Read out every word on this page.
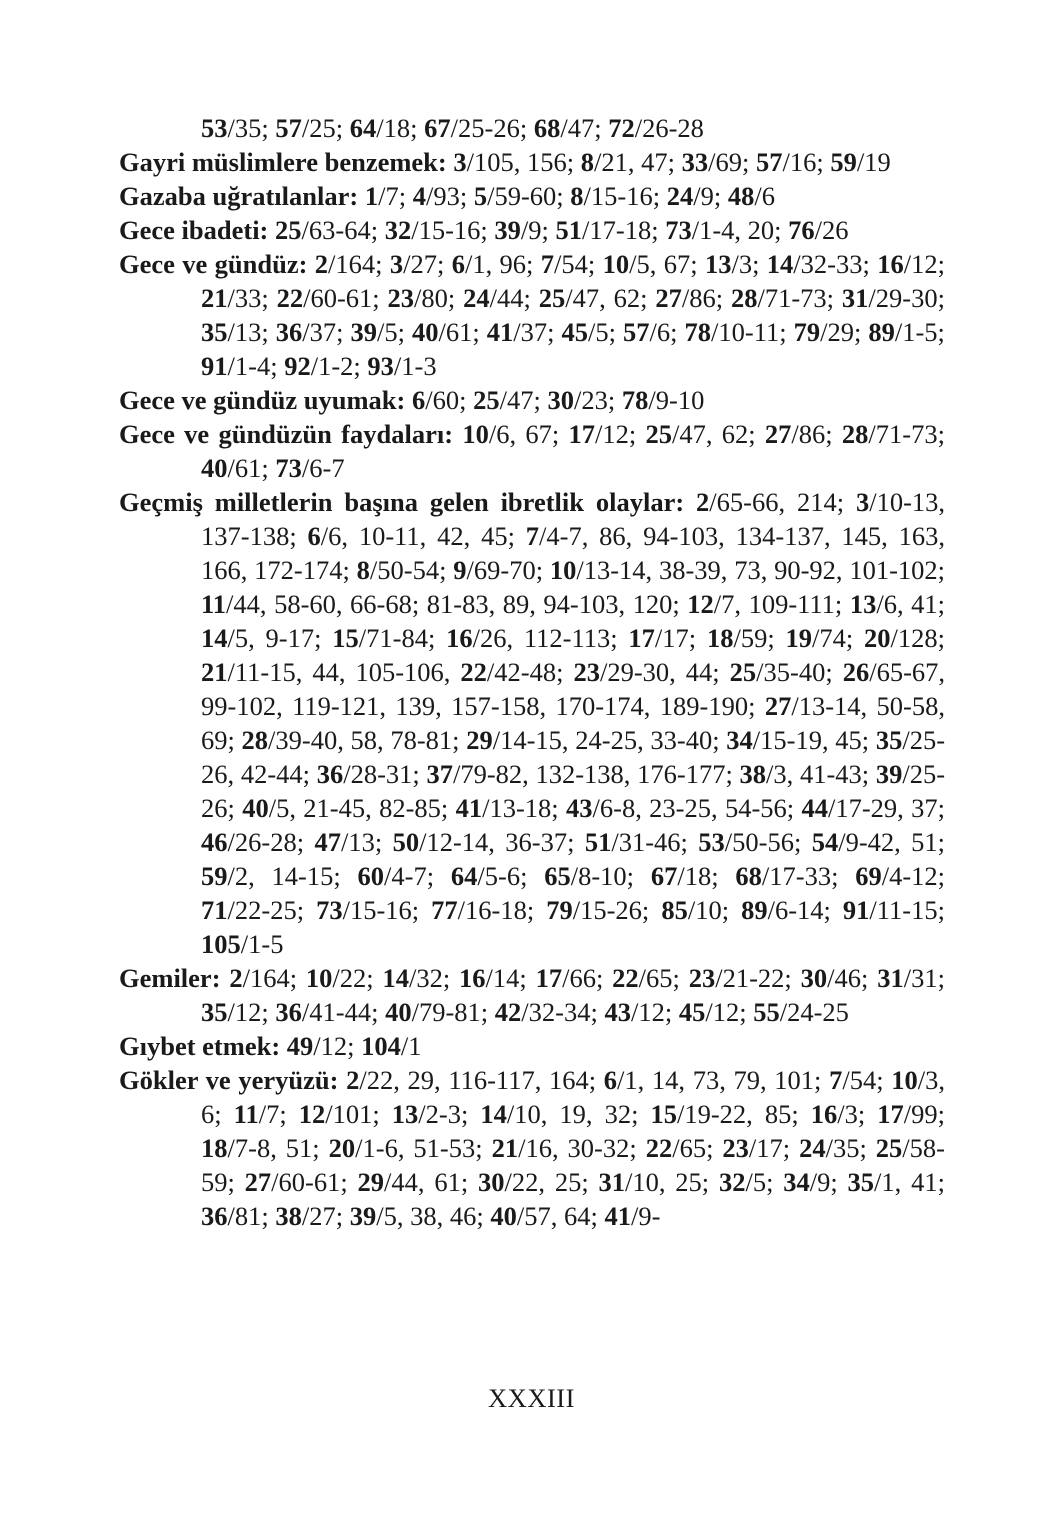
53/35; 57/25; 64/18; 67/25-26; 68/47; 72/26-28

Gayri müslimlere benzemek: 3/105, 156; 8/21, 47; 33/69; 57/16; 59/19

Gazaba uğratılanlar: 1/7; 4/93; 5/59-60; 8/15-16; 24/9; 48/6

Gece ibadeti: 25/63-64; 32/15-16; 39/9; 51/17-18; 73/1-4, 20; 76/26

Gece ve gündüz: 2/164; 3/27; 6/1, 96; 7/54; 10/5, 67; 13/3; 14/32-33; 16/12; 21/33; 22/60-61; 23/80; 24/44; 25/47, 62; 27/86; 28/71-73; 31/29-30; 35/13; 36/37; 39/5; 40/61; 41/37; 45/5; 57/6; 78/10-11; 79/29; 89/1-5; 91/1-4; 92/1-2; 93/1-3

Gece ve gündüz uyumak: 6/60; 25/47; 30/23; 78/9-10

Gece ve gündüzün faydaları: 10/6, 67; 17/12; 25/47, 62; 27/86; 28/71-73; 40/61; 73/6-7

Geçmiş milletlerin başına gelen ibretlik olaylar: 2/65-66, 214; 3/10-13, 137-138; 6/6, 10-11, 42, 45; 7/4-7, 86, 94-103, 134-137, 145, 163, 166, 172-174; 8/50-54; 9/69-70; 10/13-14, 38-39, 73, 90-92, 101-102; 11/44, 58-60, 66-68; 81-83, 89, 94-103, 120; 12/7, 109-111; 13/6, 41; 14/5, 9-17; 15/71-84; 16/26, 112-113; 17/17; 18/59; 19/74; 20/128; 21/11-15, 44, 105-106, 22/42-48; 23/29-30, 44; 25/35-40; 26/65-67, 99-102, 119-121, 139, 157-158, 170-174, 189-190; 27/13-14, 50-58, 69; 28/39-40, 58, 78-81; 29/14-15, 24-25, 33-40; 34/15-19, 45; 35/25-26, 42-44; 36/28-31; 37/79-82, 132-138, 176-177; 38/3, 41-43; 39/25-26; 40/5, 21-45, 82-85; 41/13-18; 43/6-8, 23-25, 54-56; 44/17-29, 37; 46/26-28; 47/13; 50/12-14, 36-37; 51/31-46; 53/50-56; 54/9-42, 51; 59/2, 14-15; 60/4-7; 64/5-6; 65/8-10; 67/18; 68/17-33; 69/4-12; 71/22-25; 73/15-16; 77/16-18; 79/15-26; 85/10; 89/6-14; 91/11-15; 105/1-5

Gemiler: 2/164; 10/22; 14/32; 16/14; 17/66; 22/65; 23/21-22; 30/46; 31/31; 35/12; 36/41-44; 40/79-81; 42/32-34; 43/12; 45/12; 55/24-25

Gıybet etmek: 49/12; 104/1

Gökler ve yeryüzü: 2/22, 29, 116-117, 164; 6/1, 14, 73, 79, 101; 7/54; 10/3, 6; 11/7; 12/101; 13/2-3; 14/10, 19, 32; 15/19-22, 85; 16/3; 17/99; 18/7-8, 51; 20/1-6, 51-53; 21/16, 30-32; 22/65; 23/17; 24/35; 25/58-59; 27/60-61; 29/44, 61; 30/22, 25; 31/10, 25; 32/5; 34/9; 35/1, 41; 36/81; 38/27; 39/5, 38, 46; 40/57, 64; 41/9-

XXXIII
